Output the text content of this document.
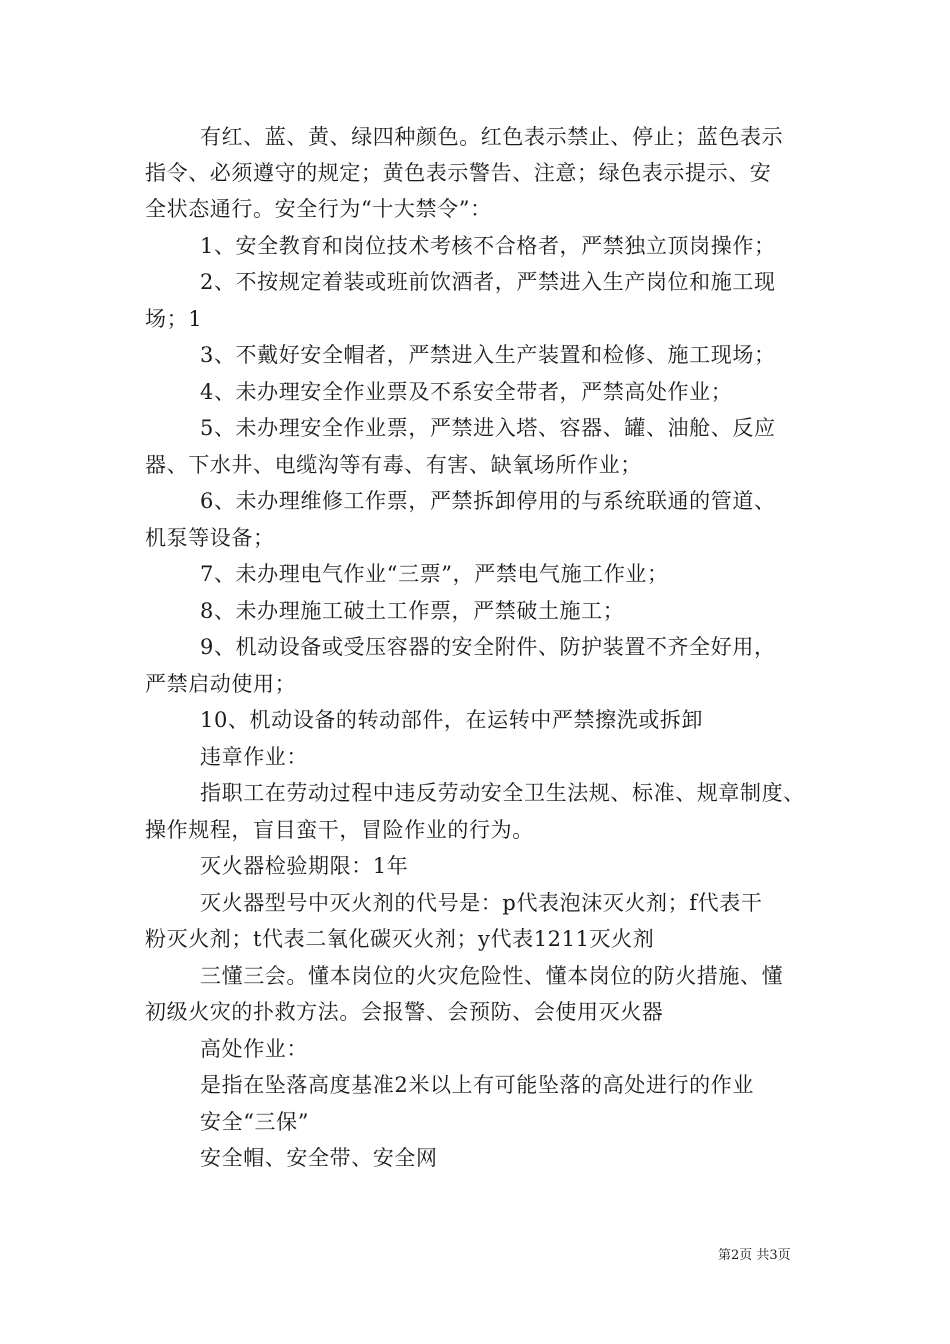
有红、蓝、黄、绿四种颜色。红色表示禁止、停止；蓝色表示
指令、必须遵守的规定；黄色表示警告、注意；绿色表示提示、安
全状态通行。安全行为“十大禁令”：
1、安全教育和岗位技术考核不合格者，严禁独立顶岗操作；
2、不按规定着装或班前饮酒者，严禁进入生产岗位和施工现
场；1
3、不戴好安全帽者，严禁进入生产装置和检修、施工现场；
4、未办理安全作业票及不系安全带者，严禁高处作业；
5、未办理安全作业票，严禁进入塔、容器、罐、油舱、反应
器、下水井、电缆沟等有毒、有害、缺氧场所作业；
6、未办理维修工作票，严禁拆卸停用的与系统联通的管道、
机泵等设备；
7、未办理电气作业“三票”，严禁电气施工作业；
8、未办理施工破土工作票，严禁破土施工；
9、机动设备或受压容器的安全附件、防护装置不齐全好用，
严禁启动使用；
10、机动设备的转动部件，在运转中严禁擦洗或拆卸
违章作业：
指职工在劳动过程中违反劳动安全卫生法规、标准、规章制度、
操作规程，盲目蛮干，冒险作业的行为。
灭火器检验期限：1年
灭火器型号中灭火剂的代号是：p代表泡沫灭火剂；f代表干
粉灭火剂；t代表二氧化碳灭火剂；y代表1211灭火剂
三懂三会。懂本岗位的火灾危险性、懂本岗位的防火措施、懂
初级火灾的扑救方法。会报警、会预防、会使用灭火器
高处作业：
是指在坠落高度基准2米以上有可能坠落的高处进行的作业
安全“三保”
安全帽、安全带、安全网
第2页 共3页
